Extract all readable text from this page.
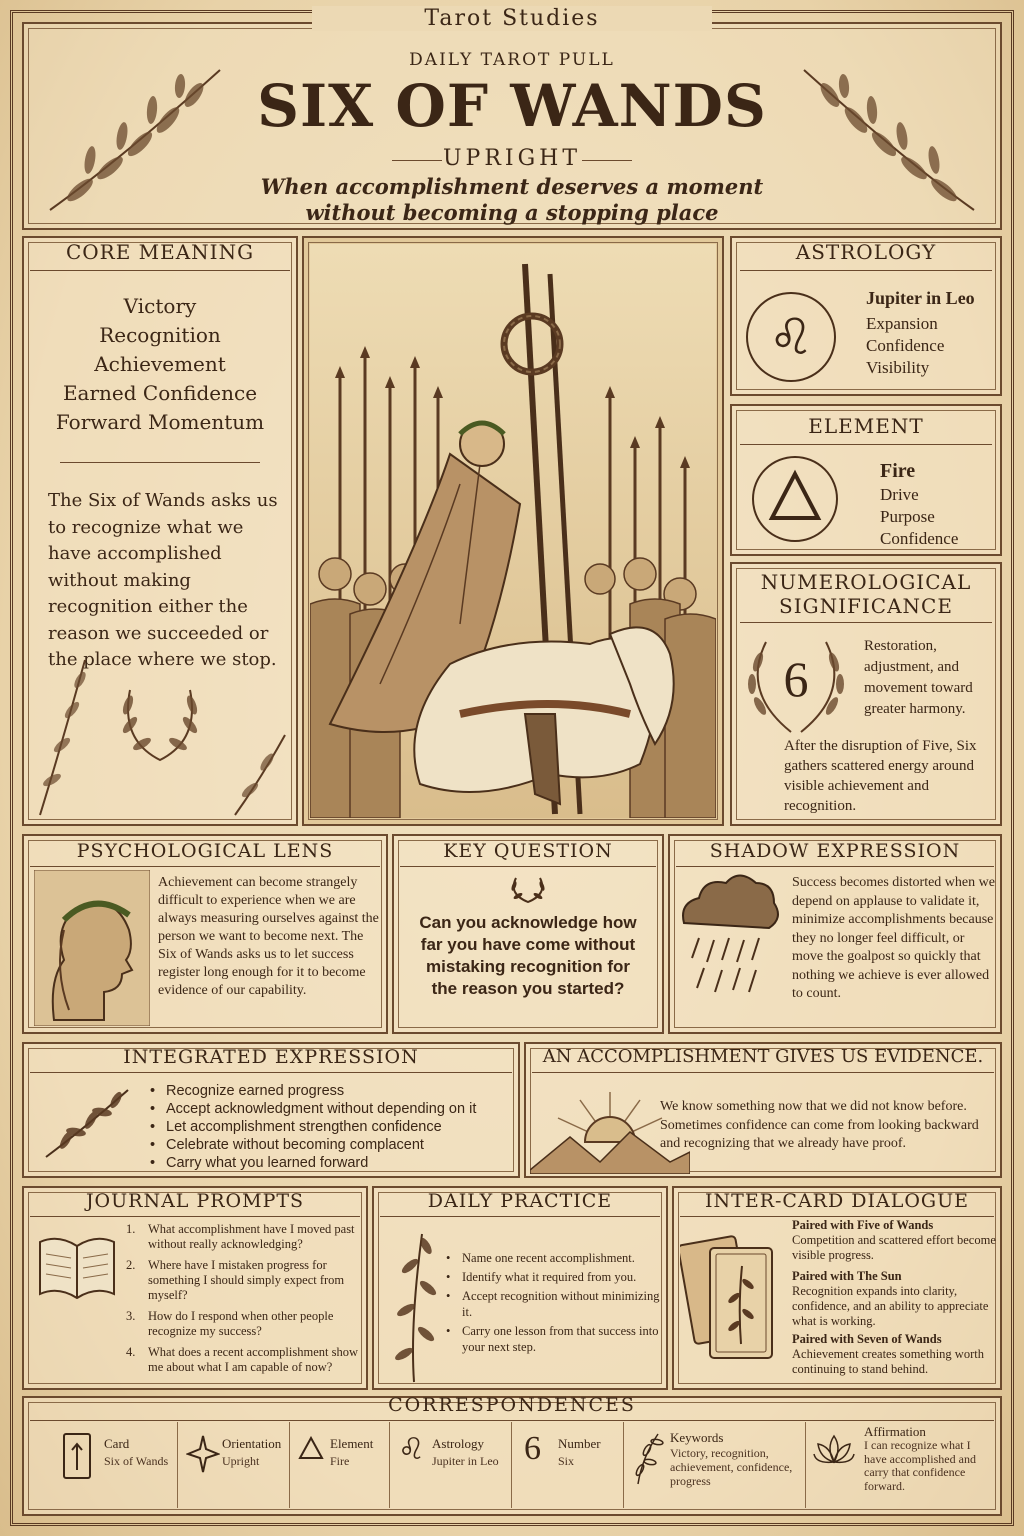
Tarot Studies
DAILY TAROT PULL
SIX OF WANDS
UPRIGHT
When accomplishment deserves a moment
without becoming a stopping place
CORE MEANING
Victory
Recognition
Achievement
Earned Confidence
Forward Momentum
The Six of Wands asks us to recognize what we have accomplished without making recognition either the reason we succeeded or the place where we stop.
ASTROLOGY
♌
Jupiter in Leo
Expansion
Confidence
Visibility
ELEMENT
Fire
Drive
Purpose
Confidence
NUMEROLOGICAL
SIGNIFICANCE
6
Restoration, adjustment, and movement toward greater harmony.
After the disruption of Five, Six gathers scattered energy around visible achievement and recognition.
PSYCHOLOGICAL LENS
Achievement can become strangely difficult to experience when we are always measuring ourselves against the person we want to become next. The Six of Wands asks us to let success register long enough for it to become evidence of our capability.
KEY QUESTION
Can you acknowledge how far you have come without mistaking recognition for the reason you started?
SHADOW EXPRESSION
Success becomes distorted when we depend on applause to validate it, minimize accomplishments because they no longer feel difficult, or move the goalpost so quickly that nothing we achieve is ever allowed to count.
INTEGRATED EXPRESSION
• Recognize earned progress
• Accept acknowledgment without depending on it
• Let accomplishment strengthen confidence
• Celebrate without becoming complacent
• Carry what you learned forward
AN ACCOMPLISHMENT GIVES US EVIDENCE.
We know something now that we did not know before. Sometimes confidence can come from looking backward and recognizing that we already have proof.
JOURNAL PROMPTS
1. What accomplishment have I moved past without really acknowledging?
2. Where have I mistaken progress for something I should simply expect from myself?
3. How do I respond when other people recognize my success?
4. What does a recent accomplishment show me about what I am capable of now?
DAILY PRACTICE
• Name one recent accomplishment.
• Identify what it required from you.
• Accept recognition without minimizing it.
• Carry one lesson from that success into your next step.
INTER-CARD DIALOGUE
Paired with Five of Wands
Competition and scattered effort become visible progress.
Paired with The Sun
Recognition expands into clarity, confidence, and an ability to appreciate what is working.
Paired with Seven of Wands
Achievement creates something worth continuing to stand behind.
CORRESPONDENCES
Card
Six of Wands
Orientation
Upright
Element
Fire ♌ Astrology
Jupiter in Leo 6 Number
Six
Keywords
Victory, recognition, achievement, confidence, progress
Affirmation
I can recognize what I have accomplished and carry that confidence forward.
